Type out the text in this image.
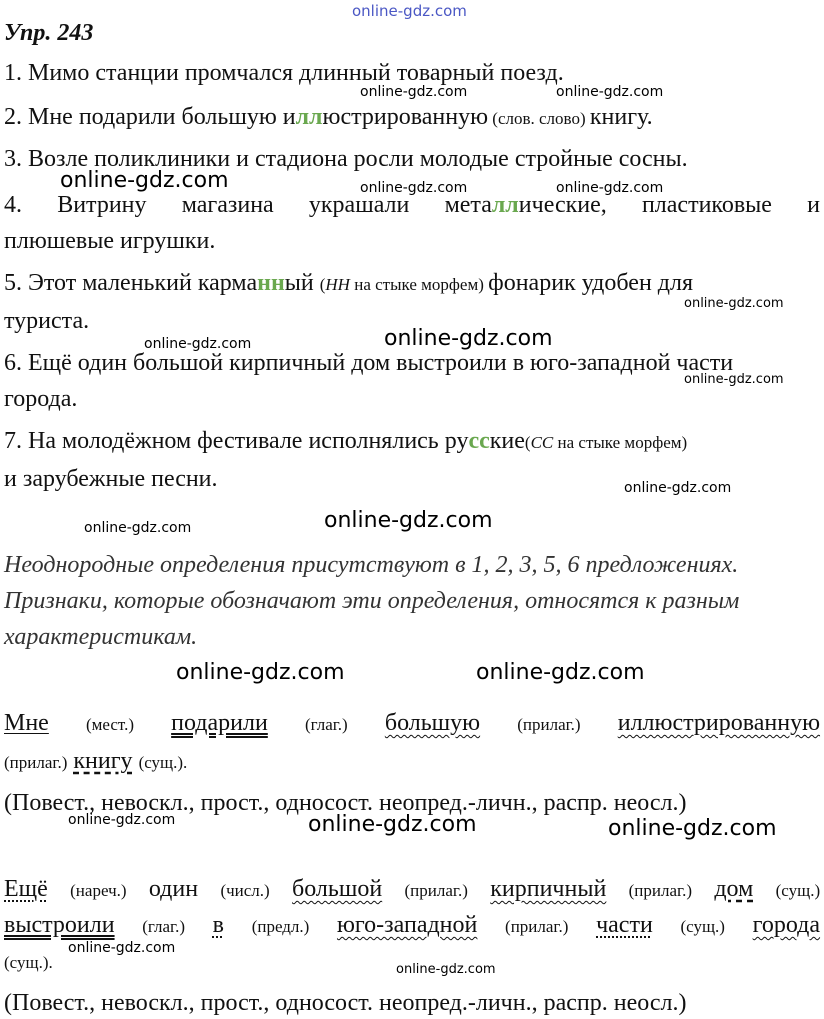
online-gdz.com
online-gdz.com	online-gdz.com
online-gdz.com	online-gdz.com	online-gdz.com
online-gdz.com
online-gdz.com	online-gdz.com
online-gdz.com
online-gdz.com
online-gdz.com	online-gdz.com
online-gdz.com	online-gdz.com
online-gdz.com	online-gdz.com	online-gdz.com
online-gdz.com
online-gdz.com
Упр. 243
1. Мимо станции промчался длинный товарный поезд.
2. Мне подарили большую иллюстрированную (слов. слово) книгу.
3. Возле поликлиники и стадиона росли молодые стройные сосны.
4. Витрину магазина украшали металлические, пластиковые и
плюшевые игрушки.
5. Этот маленький карманный (НН на стыке морфем) фонарик удобен для
туриста.
6. Ещё один большой кирпичный дом выстроили в юго-западной части
города.
7. На молодёжном фестивале исполнялись русские(СС на стыке морфем)
и зарубежные песни.
Неоднородные определения присутствуют в 1, 2, 3, 5, 6 предложениях.
Признаки, которые обозначают эти определения, относятся к разным
характеристикам.
Мне (мест.) подарили (глаг.) большую (прилаг.) иллюстрированную
(прилаг.) книгу (сущ.).
(Повест., невоскл., прост., односост. неопред.-личн., распр. неосл.)
Ещё (нареч.) один (числ.) большой (прилаг.) кирпичный (прилаг.) дом (сущ.)
выстроили (глаг.) в (предл.) юго-западной (прилаг.) части (сущ.) города
(сущ.).
(Повест., невоскл., прост., односост. неопред.-личн., распр. неосл.)
